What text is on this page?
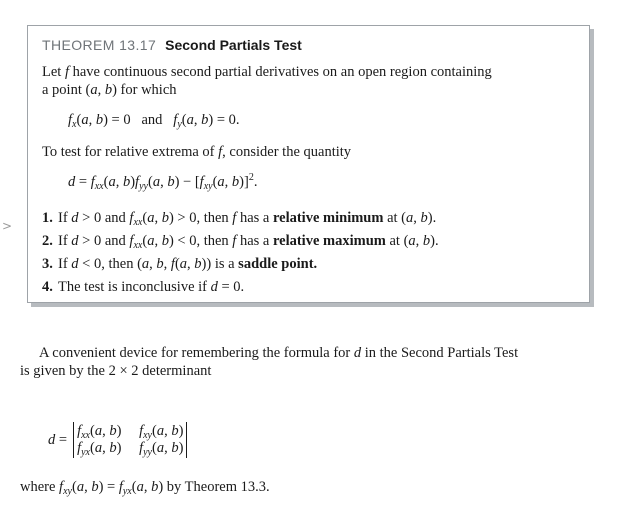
>
THEOREM 13.17 Second Partials Test
Let f have continuous second partial derivatives on an open region containing
a point (a, b) for which
$f_x(a$, b) = 0   and   $f_y(a$, b) = 0.
To test for relative extrema of f, consider the quantity
$d = f_{xx}(a$, $b)f_{yy}(a$, $b) - [f_{xy}(a$, b)]$^2$.
1. If d > 0 and $f_{xx}(a$, b) > 0, then f has a relative minimum at (a, b).
2. If d > 0 and $f_{xx}(a$, b) < 0, then f has a relative maximum at (a, b).
3. If d < 0, then (a, b, f(a, b)) is a saddle point.
4. The test is inconclusive if d = 0.
A convenient device for remembering the formula for d in the Second Partials Test
is given by the 2 × 2 determinant
d =
$f_{xx}(a$, b) $f_{xy}(a$, b)
$f_{yx}(a$, b) $f_{yy}(a$, b)
where $f_{xy}(a$, $b) = f_{yx}(a$, b) by Theorem 13.3.
